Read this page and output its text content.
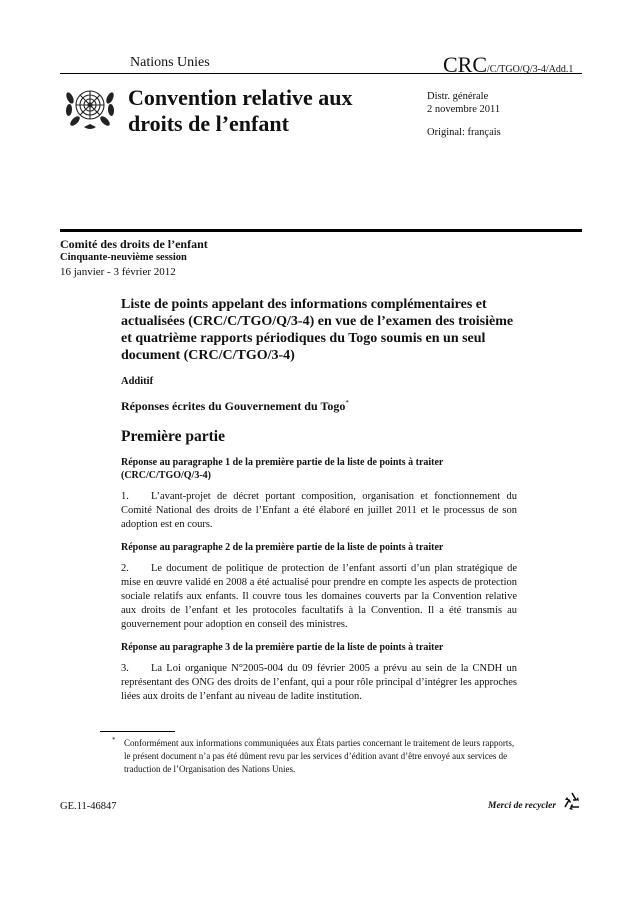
Nations Unies	CRC/C/TGO/Q/3-4/Add.1
Convention relative aux droits de l’enfant

Distr. générale

2 novembre 2011

Original: français

Comité des droits de l’enfant
Cinquante-neuvième session
16 janvier - 3 février 2012

Liste de points appelant des informations complémentaires et actualisées (CRC/C/TGO/Q/3-4) en vue de l’examen des troisième et quatrième rapports périodiques du Togo soumis en un seul document (CRC/C/TGO/3-4)

Additif

Réponses écrites du Gouvernement du Togo*

Première partie

Réponse au paragraphe 1 de la première partie de la liste de points à traiter (CRC/C/TGO/Q/3-4)

1. L’avant-projet de décret portant composition, organisation et fonctionnement du Comité National des droits de l’Enfant a été élaboré en juillet 2011 et le processus de son adoption est en cours.

Réponse au paragraphe 2 de la première partie de la liste de points à traiter

2. Le document de politique de protection de l’enfant assorti d’un plan stratégique de mise en œuvre validé en 2008 a été actualisé pour prendre en compte les aspects de protection sociale relatifs aux enfants. Il couvre tous les domaines couverts par la Convention relative aux droits de l’enfant et les protocoles facultatifs à la Convention. Il a été transmis au gouvernement pour adoption en conseil des ministres.

Réponse au paragraphe 3 de la première partie de la liste de points à traiter

3. La Loi organique N°2005-004 du 09 février 2005 a prévu au sein de la CNDH un représentant des ONG des droits de l’enfant, qui a pour rôle principal d’intégrer les approches liées aux droits de l’enfant au niveau de ladite institution.

* Conformément aux informations communiquées aux États parties concernant le traitement de leurs rapports, le présent document n’a pas été dûment revu par les services d’édition avant d’être envoyé aux services de traduction de l’Organisation des Nations Unies.
GE.11-46847	Merci de recycler
